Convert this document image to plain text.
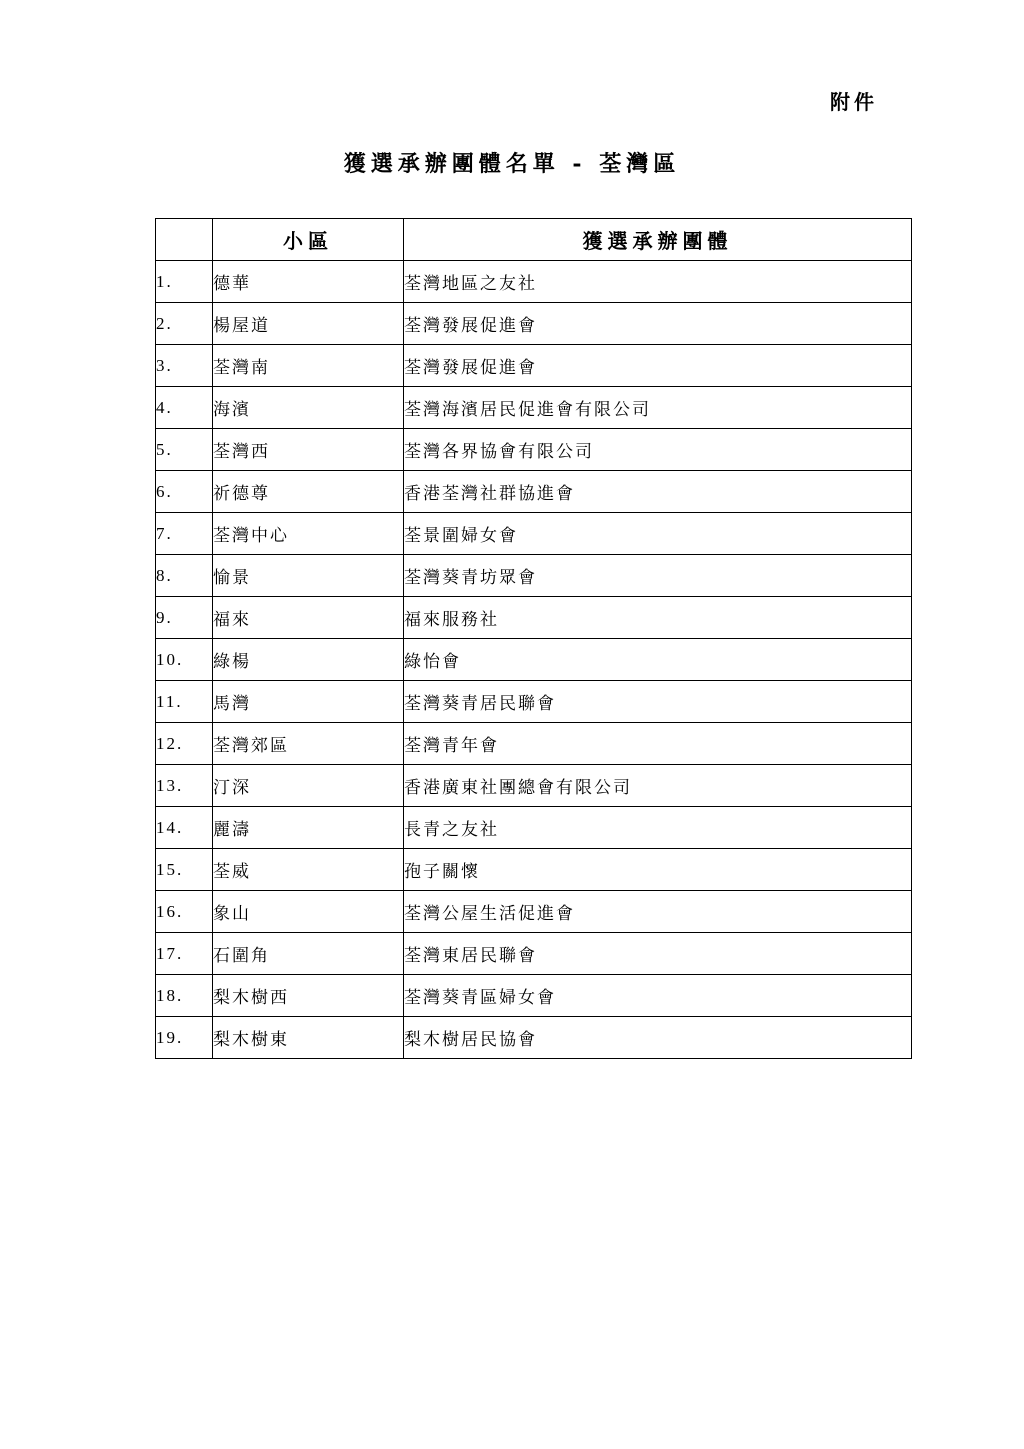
附件
獲選承辦團體名單 - 荃灣區
	小區	獲選承辦團體
1.	德華	荃灣地區之友社
2.	楊屋道	荃灣發展促進會
3.	荃灣南	荃灣發展促進會
4.	海濱	荃灣海濱居民促進會有限公司
5.	荃灣西	荃灣各界協會有限公司
6.	祈德尊	香港荃灣社群協進會
7.	荃灣中心	荃景圍婦女會
8.	愉景	荃灣葵青坊眾會
9.	福來	福來服務社
10.	綠楊	綠怡會
11.	馬灣	荃灣葵青居民聯會
12.	荃灣郊區	荃灣青年會
13.	汀深	香港廣東社團總會有限公司
14.	麗濤	長青之友社
15.	荃威	孢子關懷
16.	象山	荃灣公屋生活促進會
17.	石圍角	荃灣東居民聯會
18.	梨木樹西	荃灣葵青區婦女會
19.	梨木樹東	梨木樹居民協會
